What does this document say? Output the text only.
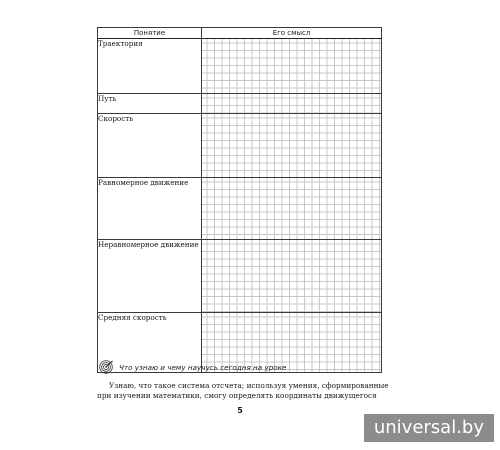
Понятие	Его смысл
Траектория	
Путь	
Скорость	
Равномерное движение	
Неравномерное движение	
Средняя скорость	
Что узнаю и чему научусь сегодня на уроке
Узнаю, что такое система отсчета; используя умения, сформированные
при изучении математики, смогу определять координаты движущегося
5
universal.by
